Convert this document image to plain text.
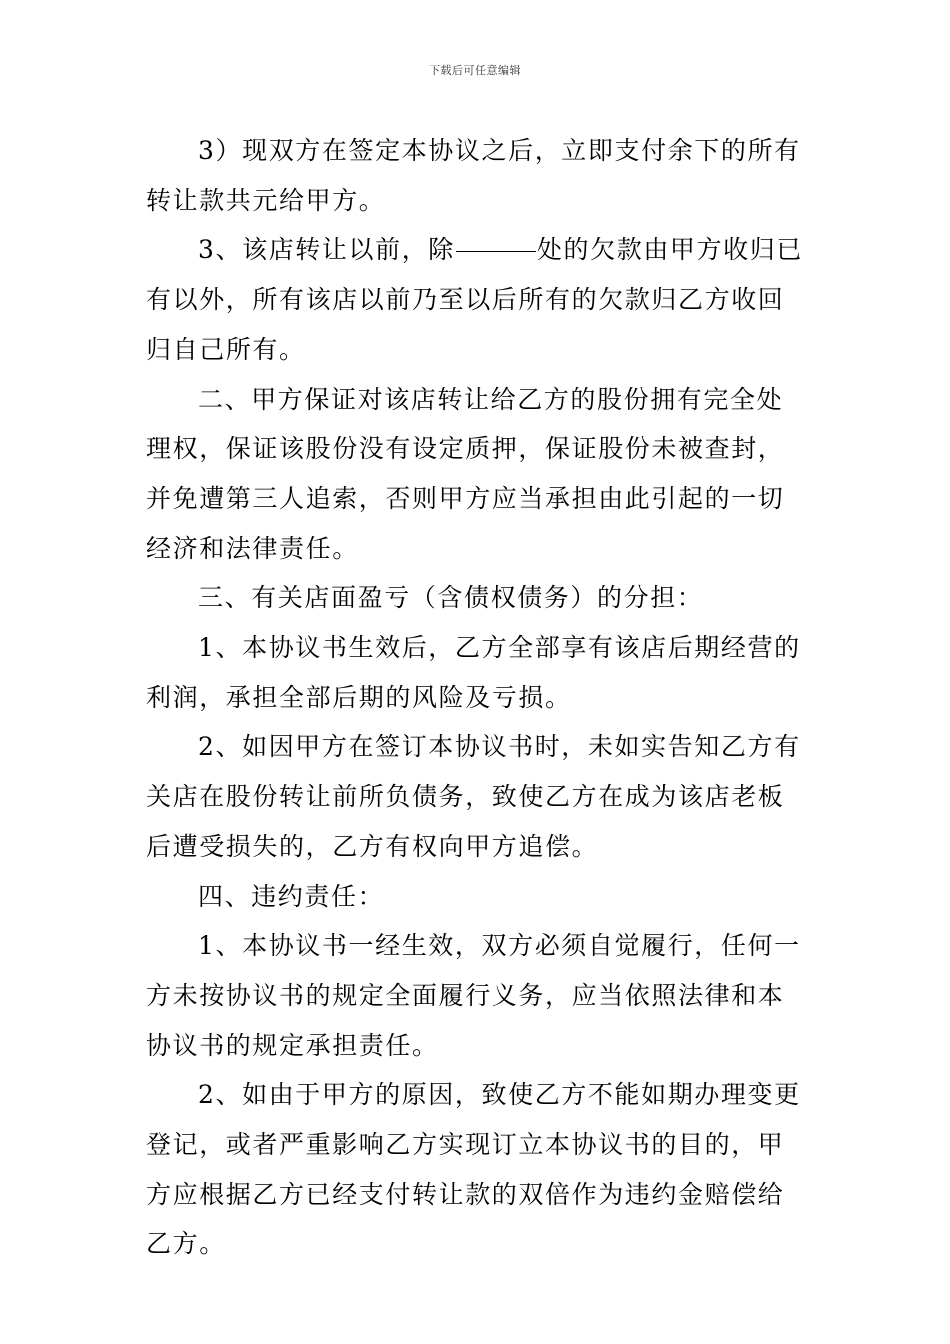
下载后可任意编辑

3）现双方在签定本协议之后，立即支付余下的所有转让款共元给甲方。

3、该店转让以前，除	处的欠款由甲方收归已有以外，所有该店以前乃至以后所有的欠款归乙方收回归自己所有。

二、甲方保证对该店转让给乙方的股份拥有完全处理权，保证该股份没有设定质押，保证股份未被查封，并免遭第三人追索，否则甲方应当承担由此引起的一切经济和法律责任。

三、有关店面盈亏（含债权债务）的分担：

1、本协议书生效后，乙方全部享有该店后期经营的利润，承担全部后期的风险及亏损。

2、如因甲方在签订本协议书时，未如实告知乙方有关店在股份转让前所负债务，致使乙方在成为该店老板后遭受损失的，乙方有权向甲方追偿。

四、违约责任：

1、本协议书一经生效，双方必须自觉履行，任何一方未按协议书的规定全面履行义务，应当依照法律和本协议书的规定承担责任。

2、如由于甲方的原因，致使乙方不能如期办理变更登记，或者严重影响乙方实现订立本协议书的目的，甲方应根据乙方已经支付转让款的双倍作为违约金赔偿给乙方。
